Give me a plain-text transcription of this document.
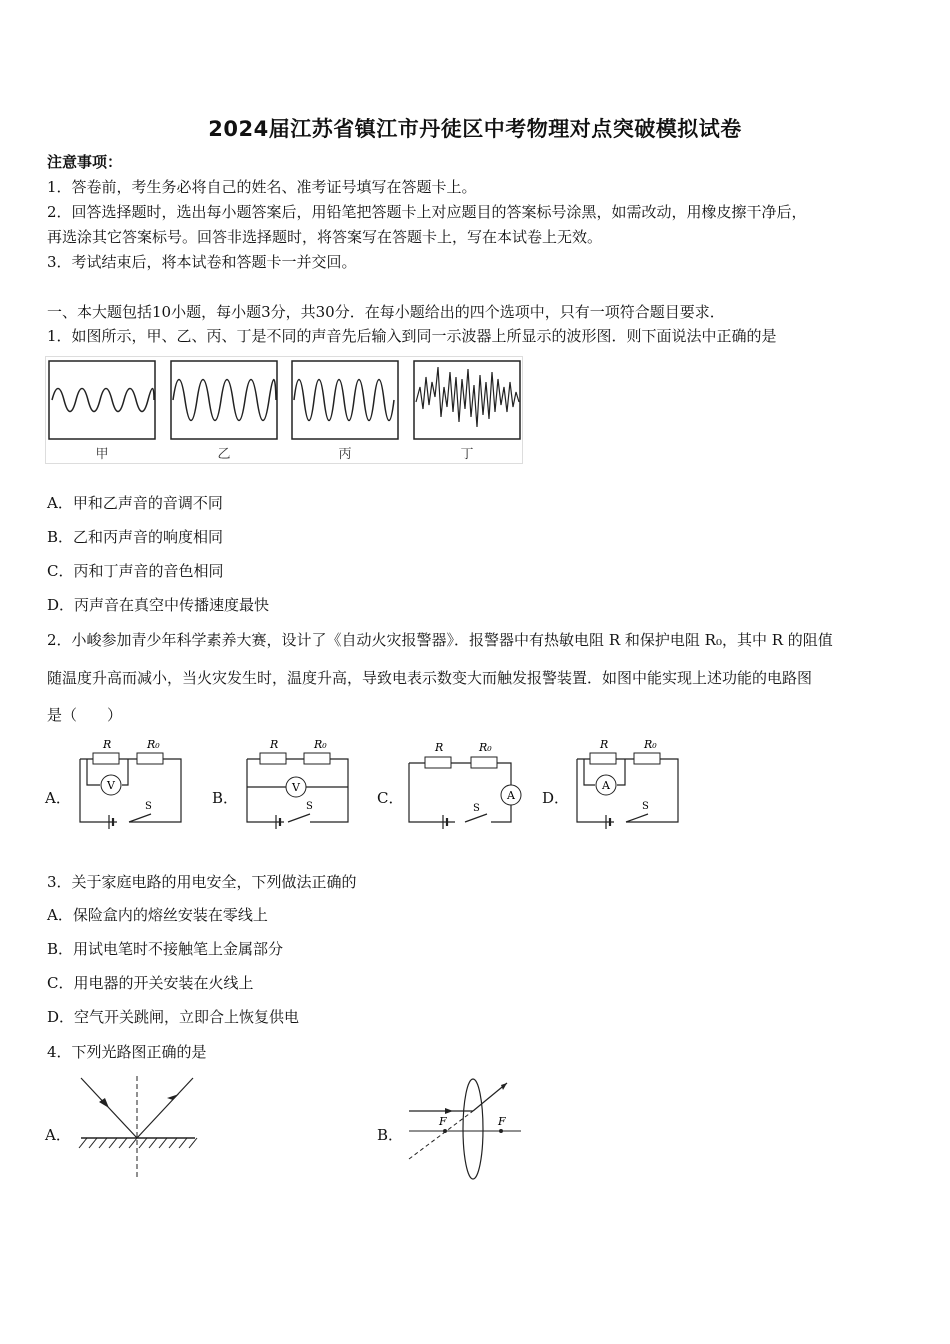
2024届江苏省镇江市丹徒区中考物理对点突破模拟试卷
注意事项：
1．答卷前，考生务必将自己的姓名、准考证号填写在答题卡上。
2．回答选择题时，选出每小题答案后，用铅笔把答题卡上对应题目的答案标号涂黑，如需改动，用橡皮擦干净后，
再选涂其它答案标号。回答非选择题时，将答案写在答题卡上，写在本试卷上无效。
3．考试结束后，将本试卷和答题卡一并交回。
一、本大题包括10小题，每小题3分，共30分．在每小题给出的四个选项中，只有一项符合题目要求．
1．如图所示，甲、乙、丙、丁是不同的声音先后输入到同一示波器上所显示的波形图．则下面说法中正确的是
甲	乙	丙	丁
A．甲和乙声音的音调不同
B．乙和丙声音的响度相同
C．丙和丁声音的音色相同
D．丙声音在真空中传播速度最快
2．小峻参加青少年科学素养大赛，设计了《自动火灾报警器》．报警器中有热敏电阻 R 和保护电阻 R₀，其中 R 的阻值
随温度升高而减小，当火灾发生时，温度升高，导致电表示数变大而触发报警装置．如图中能实现上述功能的电路图
是（　　）
A．
R	R₀
V
S	B．
R	R₀
V
S	C．
R	R₀
A
S
D．
R	R₀
A
S
3．关于家庭电路的用电安全，下列做法正确的
A．保险盒内的熔丝安装在零线上
B．用试电笔时不接触笔上金属部分
C．用电器的开关安装在火线上
D．空气开关跳闸，立即合上恢复供电
4．下列光路图正确的是
A．	B．
F	F
